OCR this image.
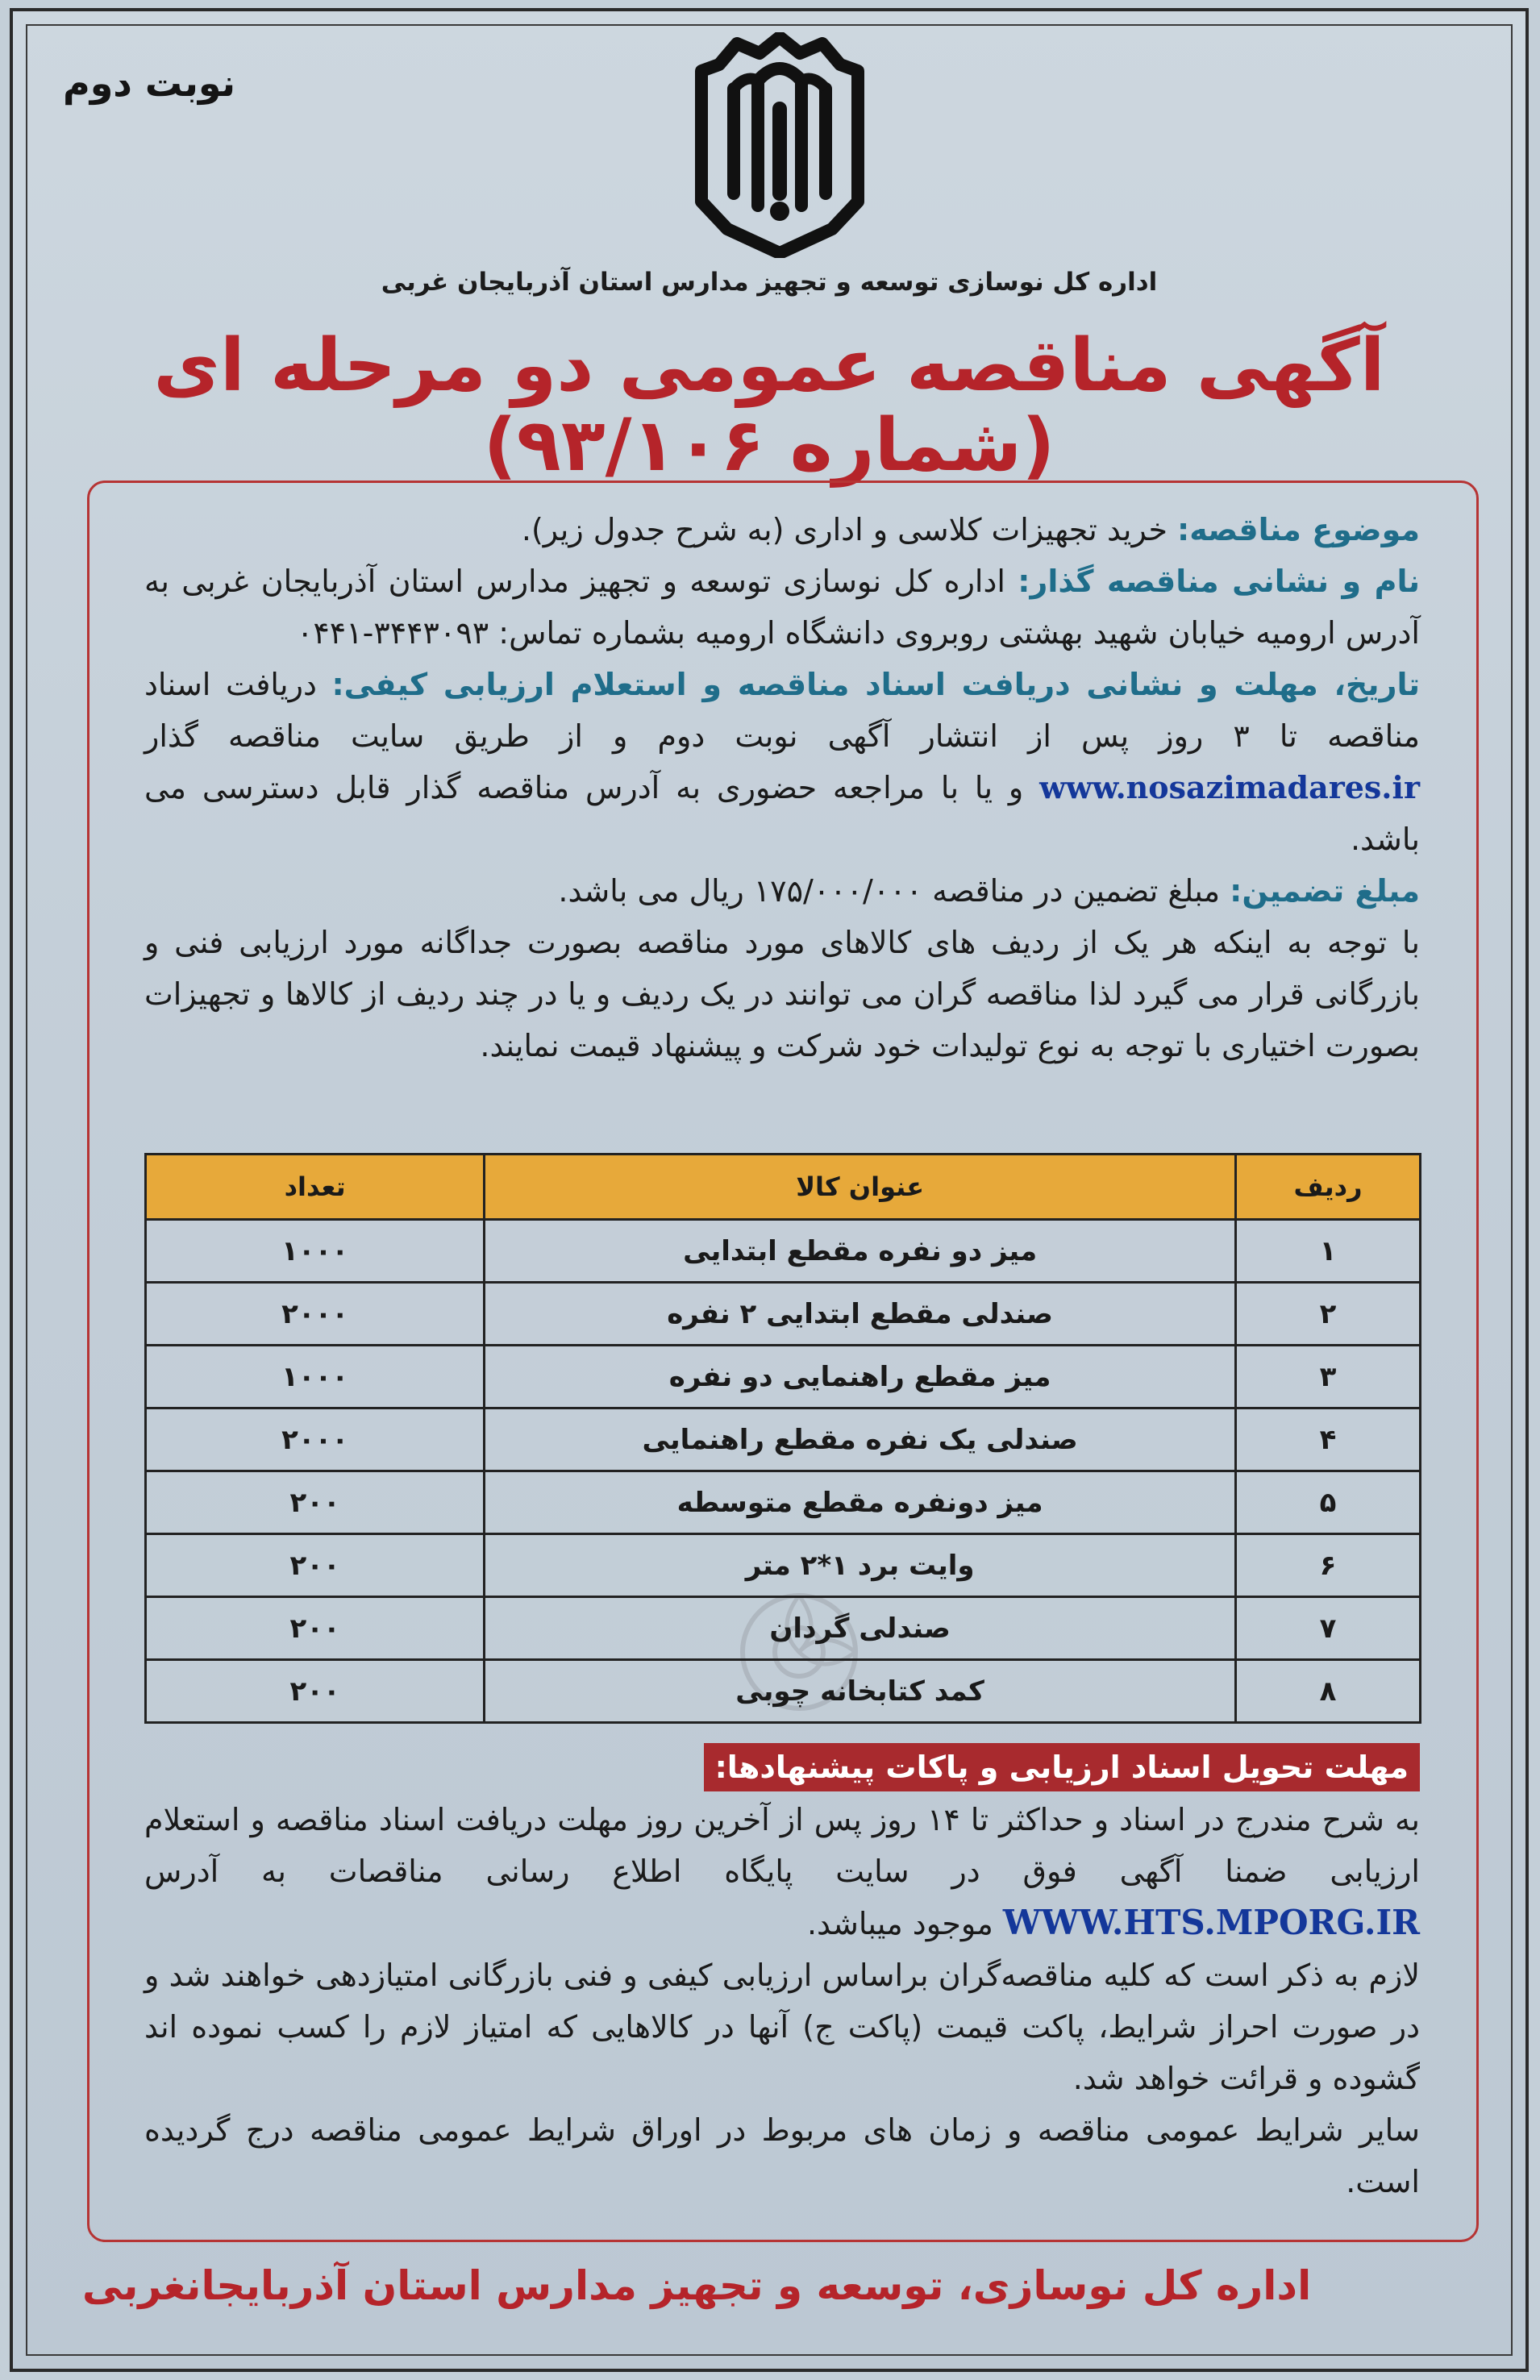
نوبت دوم
اداره کل نوسازی توسعه و تجهیز مدارس استان آذربایجان غربی
آگهی مناقصه عمومی دو مرحله ای (شماره ۹۳/۱۰۶)

موضوع مناقصه: خرید تجهیزات کلاسی و اداری (به شرح جدول زیر).

نام و نشانی مناقصه گذار: اداره کل نوسازی توسعه و تجهیز مدارس استان آذربایجان غربی به آدرس ارومیه خیابان شهید بهشتی روبروی دانشگاه ارومیه بشماره تماس: ۰۴۴۱-۳۴۴۳۰۹۳

تاریخ، مهلت و نشانی دریافت اسناد مناقصه و استعلام ارزیابی کیفی: دریافت اسناد مناقصه تا ۳ روز پس از انتشار آگهی نوبت دوم و از طریق سایت مناقصه گذار www.nosazimadares.ir و یا با مراجعه حضوری به آدرس مناقصه گذار قابل دسترسی می باشد.

مبلغ تضمین: مبلغ تضمین در مناقصه ۱۷۵/۰۰۰/۰۰۰ ریال می باشد.

با توجه به اینکه هر یک از ردیف های کالاهای مورد مناقصه بصورت جداگانه مورد ارزیابی فنی و بازرگانی قرار می گیرد لذا مناقصه گران می توانند در یک ردیف و یا در چند ردیف از کالاها و تجهیزات بصورت اختیاری با توجه به نوع تولیدات خود شرکت و پیشنهاد قیمت نمایند.

ردیف	عنوان کالا	تعداد
۱	میز دو نفره مقطع ابتدایی	۱۰۰۰
۲	صندلی مقطع ابتدایی ۲ نفره	۲۰۰۰
۳	میز مقطع راهنمایی دو نفره	۱۰۰۰
۴	صندلی یک نفره مقطع راهنمایی	۲۰۰۰
۵	میز دونفره مقطع متوسطه	۲۰۰
۶	وایت برد ۱*۲ متر	۲۰۰
۷	صندلی گردان	۲۰۰
۸	کمد کتابخانه چوبی	۲۰۰
مهلت تحویل اسناد ارزیابی و پاکات پیشنهادها:

به شرح مندرج در اسناد و حداکثر تا ۱۴ روز پس از آخرین روز مهلت دریافت اسناد مناقصه و استعلام ارزیابی ضمنا آگهی فوق در سایت پایگاه اطلاع رسانی مناقصات به آدرس WWW.HTS.MPORG.IR موجود میباشد.

لازم به ذکر است که کلیه مناقصه‌گران براساس ارزیابی کیفی و فنی بازرگانی امتیازدهی خواهند شد و در صورت احراز شرایط، پاکت قیمت (پاکت ج) آنها در کالاهایی که امتیاز لازم را کسب نموده اند گشوده و قرائت خواهد شد.

سایر شرایط عمومی مناقصه و زمان های مربوط در اوراق شرایط عمومی مناقصه درج گردیده است.

اداره کل نوسازی، توسعه و تجهیز مدارس استان آذربایجانغربی
